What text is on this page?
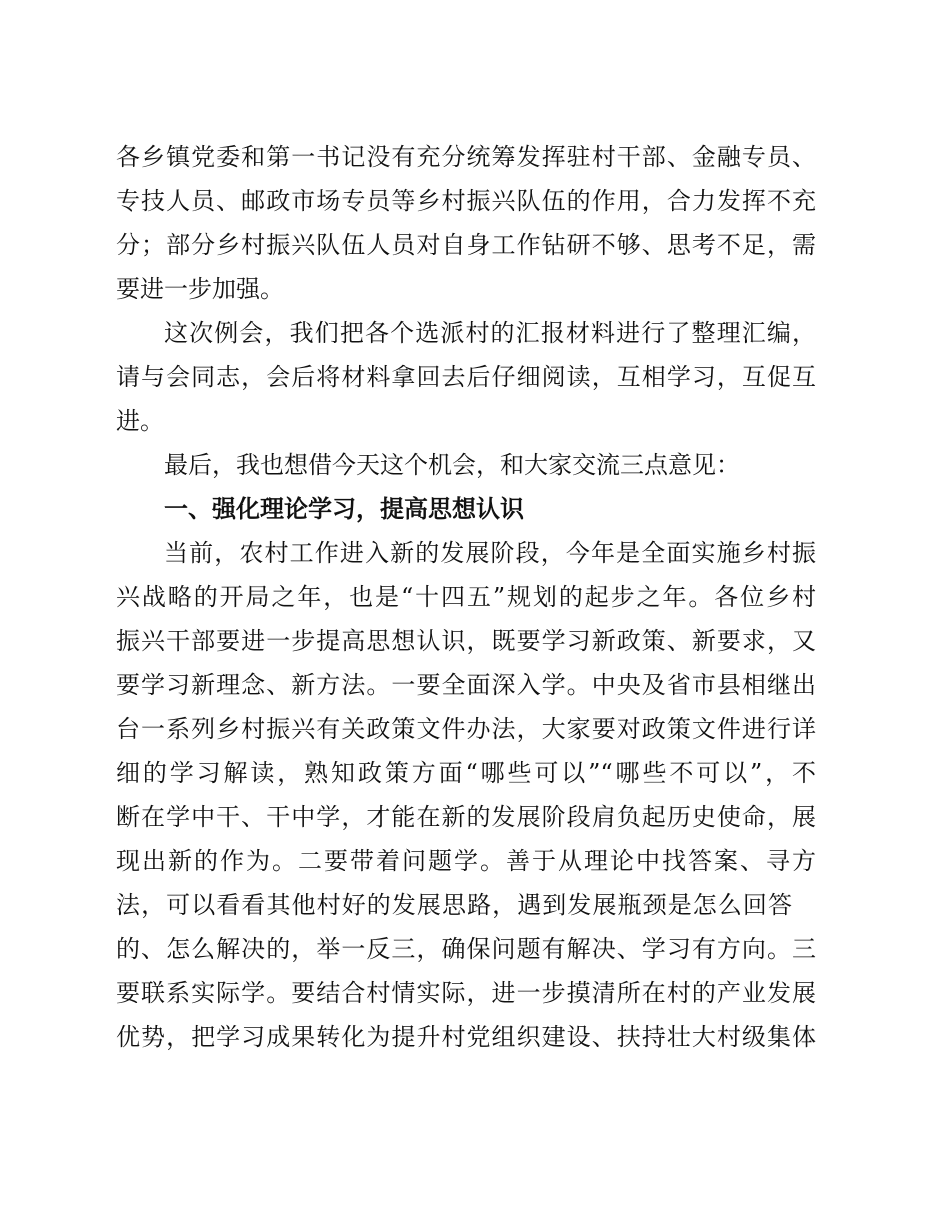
各乡镇党委和第一书记没有充分统筹发挥驻村干部、金融专员、
专技人员、邮政市场专员等乡村振兴队伍的作用，合力发挥不充
分；部分乡村振兴队伍人员对自身工作钻研不够、思考不足，需
要进一步加强。
这次例会，我们把各个选派村的汇报材料进行了整理汇编，
请与会同志，会后将材料拿回去后仔细阅读，互相学习，互促互
进。
最后，我也想借今天这个机会，和大家交流三点意见：
一、强化理论学习，提高思想认识
当前，农村工作进入新的发展阶段，今年是全面实施乡村振
兴战略的开局之年，也是“十四五”规划的起步之年。各位乡村
振兴干部要进一步提高思想认识，既要学习新政策、新要求，又
要学习新理念、新方法。一要全面深入学。中央及省市县相继出
台一系列乡村振兴有关政策文件办法，大家要对政策文件进行详
细的学习解读，熟知政策方面“哪些可以”“哪些不可以”，不
断在学中干、干中学，才能在新的发展阶段肩负起历史使命，展
现出新的作为。二要带着问题学。善于从理论中找答案、寻方
法，可以看看其他村好的发展思路，遇到发展瓶颈是怎么回答
的、怎么解决的，举一反三，确保问题有解决、学习有方向。三
要联系实际学。要结合村情实际，进一步摸清所在村的产业发展
优势，把学习成果转化为提升村党组织建设、扶持壮大村级集体
